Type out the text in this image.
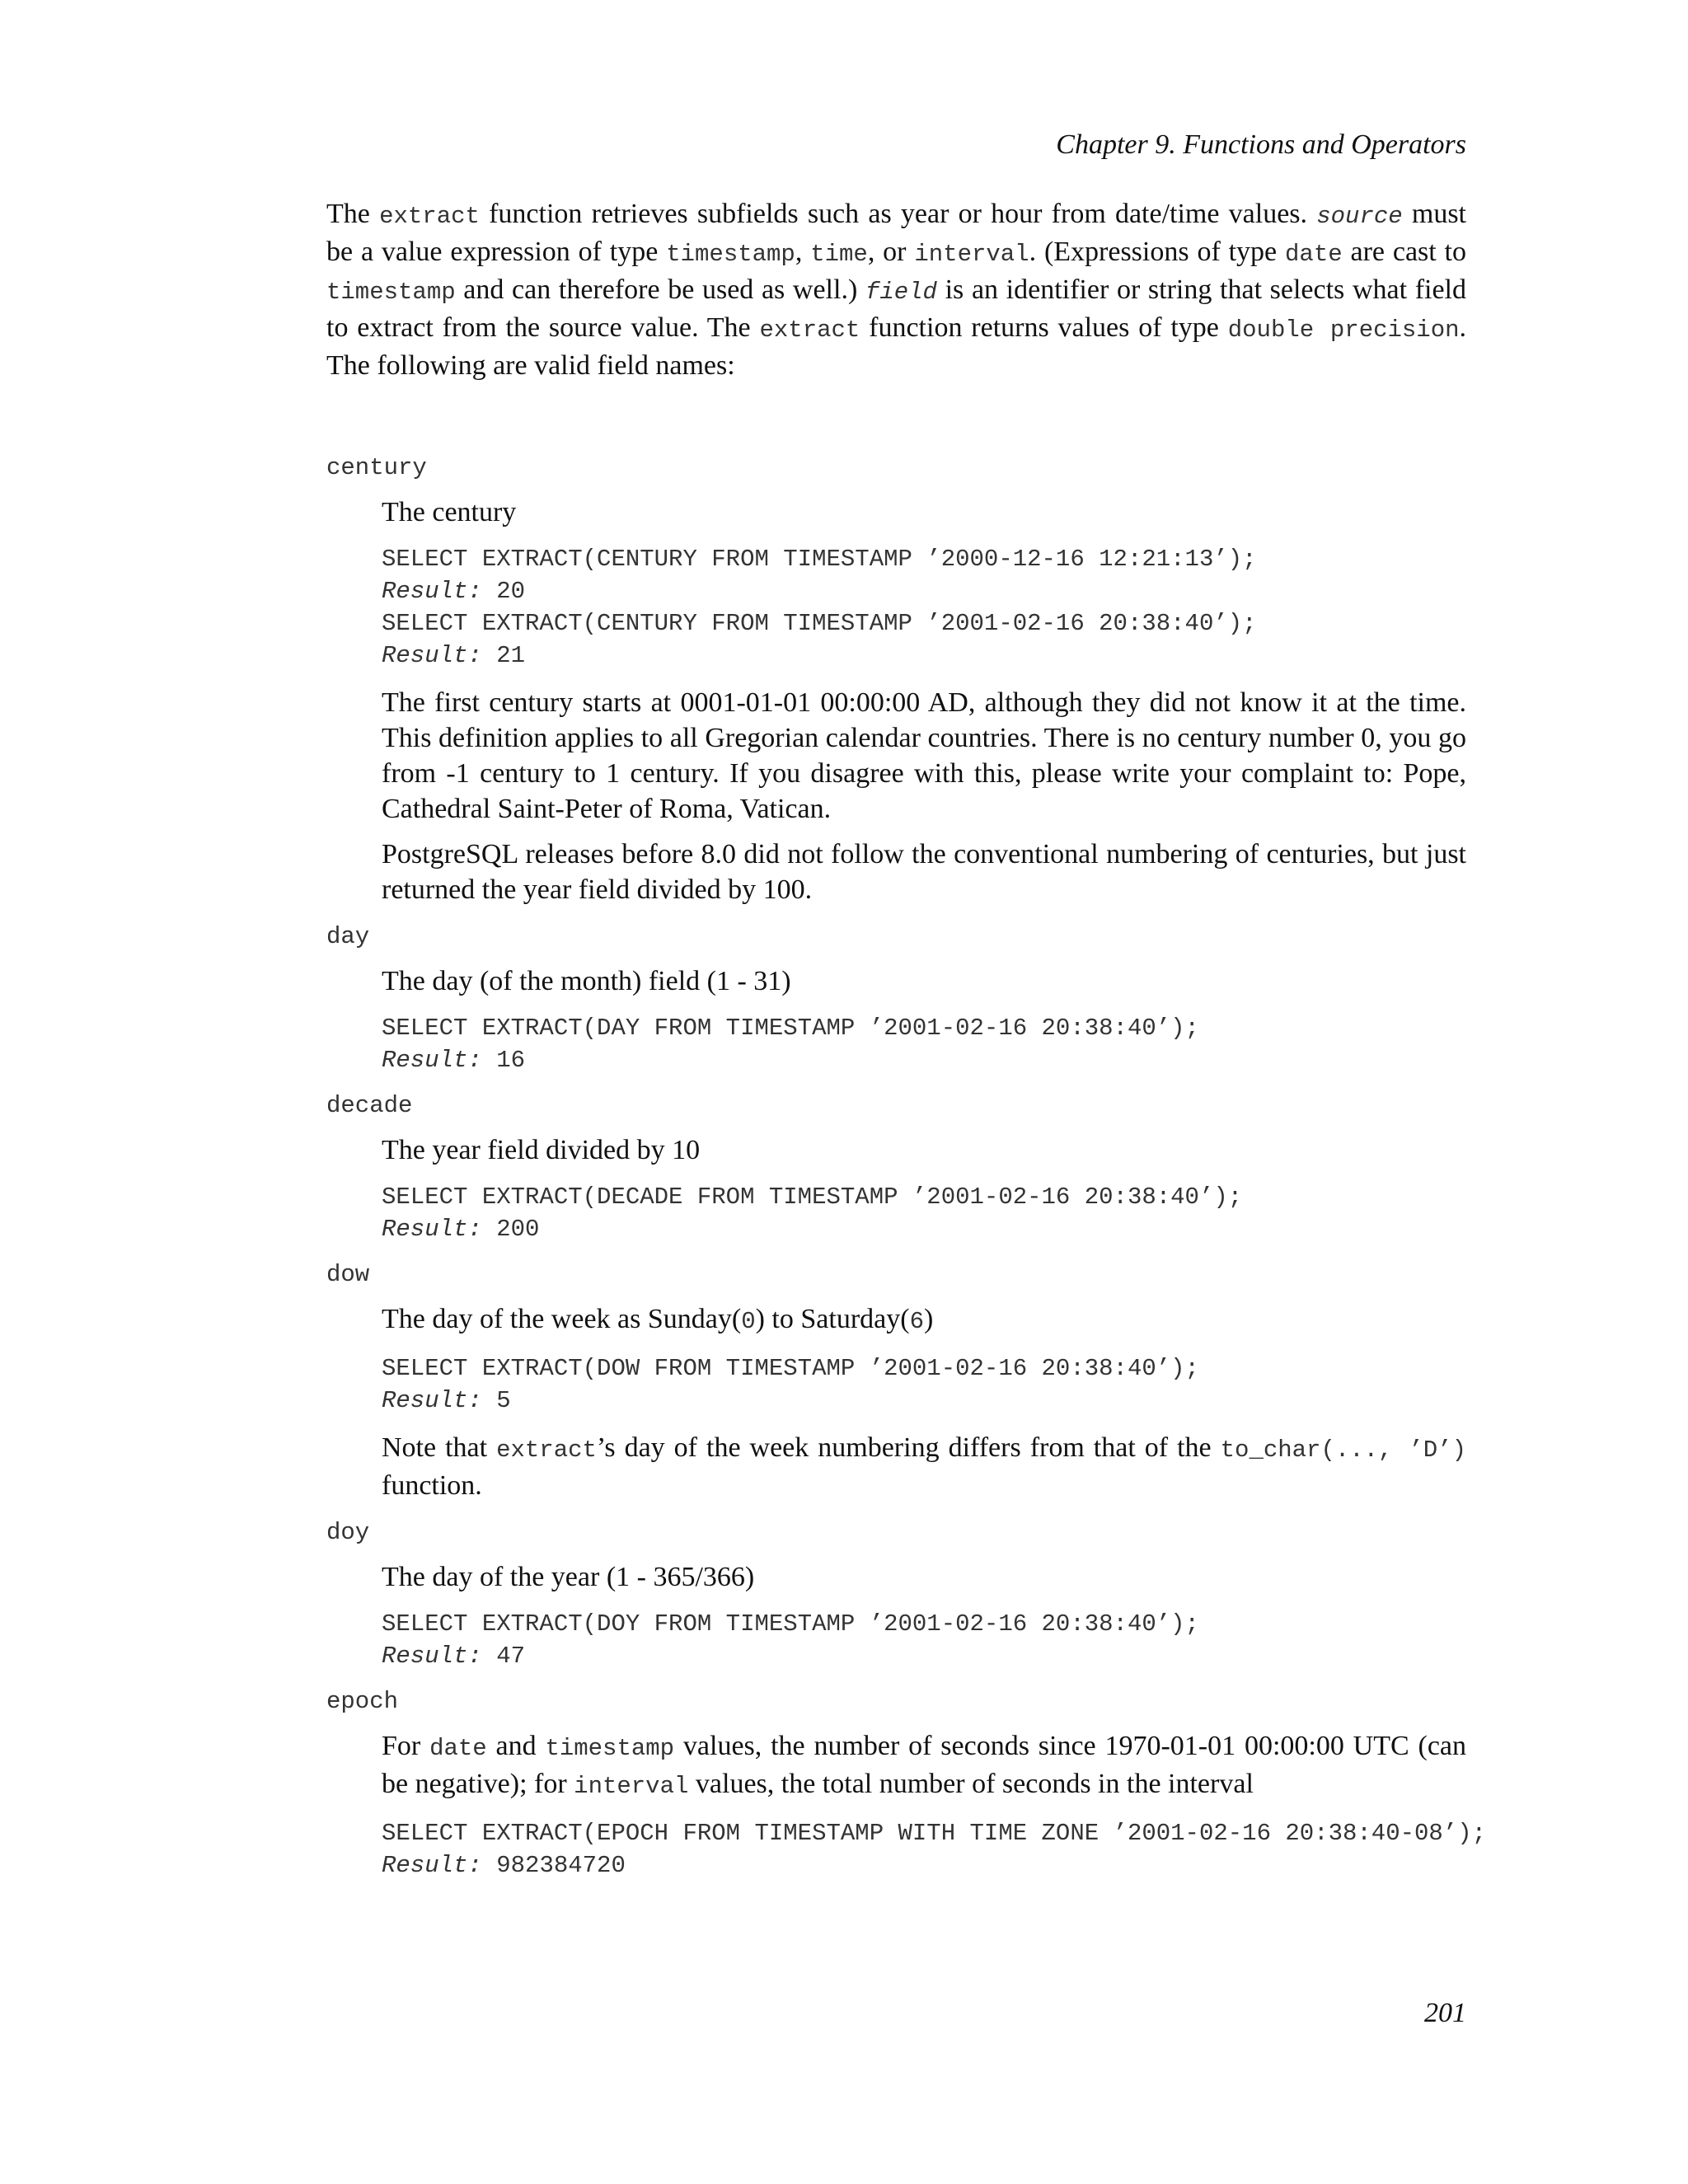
Chapter 9. Functions and Operators

The extract function retrieves subfields such as year or hour from date/time values. source must be a value expression of type timestamp, time, or interval. (Expressions of type date are cast to timestamp and can therefore be used as well.) field is an identifier or string that selects what field to extract from the source value. The extract function returns values of type double precision. The following are valid field names:

century

The century

SELECT EXTRACT(CENTURY FROM TIMESTAMP ’2000-12-16 12:21:13’);
Result: 20
SELECT EXTRACT(CENTURY FROM TIMESTAMP ’2001-02-16 20:38:40’);
Result: 21

The first century starts at 0001-01-01 00:00:00 AD, although they did not know it at the time. This definition applies to all Gregorian calendar countries. There is no century number 0, you go from -1 century to 1 century. If you disagree with this, please write your complaint to: Pope, Cathedral Saint-Peter of Roma, Vatican.

PostgreSQL releases before 8.0 did not follow the conventional numbering of centuries, but just returned the year field divided by 100.

day

The day (of the month) field (1 - 31)

SELECT EXTRACT(DAY FROM TIMESTAMP ’2001-02-16 20:38:40’);
Result: 16
decade

The year field divided by 10

SELECT EXTRACT(DECADE FROM TIMESTAMP ’2001-02-16 20:38:40’);
Result: 200
dow

The day of the week as Sunday(0) to Saturday(6)

SELECT EXTRACT(DOW FROM TIMESTAMP ’2001-02-16 20:38:40’);
Result: 5

Note that extract’s day of the week numbering differs from that of the to_char(..., ’D’) function.

doy

The day of the year (1 - 365/366)

SELECT EXTRACT(DOY FROM TIMESTAMP ’2001-02-16 20:38:40’);
Result: 47
epoch

For date and timestamp values, the number of seconds since 1970-01-01 00:00:00 UTC (can be negative); for interval values, the total number of seconds in the interval

SELECT EXTRACT(EPOCH FROM TIMESTAMP WITH TIME ZONE ’2001-02-16 20:38:40-08’);
Result: 982384720
201
